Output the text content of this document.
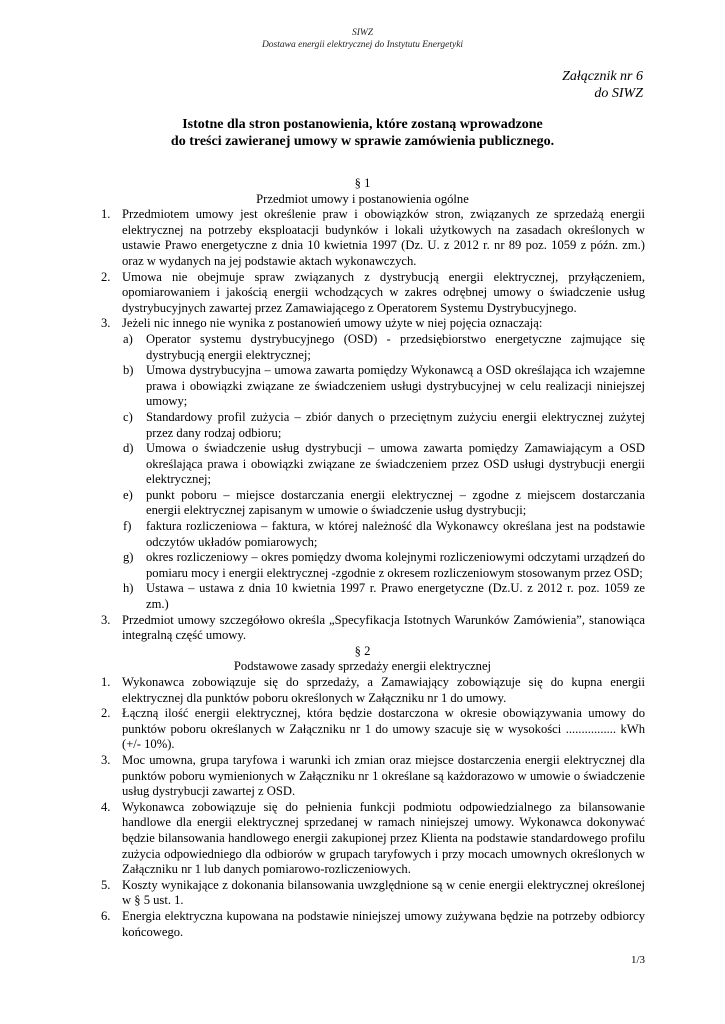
SIWZ
Dostawa energii elektrycznej do Instytutu Energetyki
Załącznik nr 6
do SIWZ
Istotne dla stron postanowienia, które zostaną wprowadzone
do treści zawieranej umowy w sprawie zamówienia publicznego.
§ 1
Przedmiot umowy i postanowienia ogólne
1. Przedmiotem umowy jest określenie praw i obowiązków stron, związanych ze sprzedażą energii elektrycznej na potrzeby eksploatacji budynków i lokali użytkowych na zasadach określonych w ustawie Prawo energetyczne z dnia 10 kwietnia 1997 (Dz. U. z 2012 r. nr 89 poz. 1059 z późn. zm.) oraz w wydanych na jej podstawie aktach wykonawczych.
2. Umowa nie obejmuje spraw związanych z dystrybucją energii elektrycznej, przyłączeniem, opomiarowaniem i jakością energii wchodzących w zakres odrębnej umowy o świadczenie usług dystrybucyjnych zawartej przez Zamawiającego z Operatorem Systemu Dystrybucyjnego.
3. Jeżeli nic innego nie wynika z postanowień umowy użyte w niej pojęcia oznaczają:
a) Operator systemu dystrybucyjnego (OSD) - przedsiębiorstwo energetyczne zajmujące się dystrybucją energii elektrycznej;
b) Umowa dystrybucyjna – umowa zawarta pomiędzy Wykonawcą a OSD określająca ich wzajemne prawa i obowiązki związane ze świadczeniem usługi dystrybucyjnej w celu realizacji niniejszej umowy;
c) Standardowy profil zużycia – zbiór danych o przeciętnym zużyciu energii elektrycznej zużytej przez dany rodzaj odbioru;
d) Umowa o świadczenie usług dystrybucji – umowa zawarta pomiędzy Zamawiającym a OSD określająca prawa i obowiązki związane ze świadczeniem przez OSD usługi dystrybucji energii elektrycznej;
e) punkt poboru – miejsce dostarczania energii elektrycznej – zgodne z miejscem dostarczania energii elektrycznej zapisanym w umowie o świadczenie usług dystrybucji;
f) faktura rozliczeniowa – faktura, w której należność dla Wykonawcy określana jest na podstawie odczytów układów pomiarowych;
g) okres rozliczeniowy – okres pomiędzy dwoma kolejnymi rozliczeniowymi odczytami urządzeń do pomiaru mocy i energii elektrycznej -zgodnie z okresem rozliczeniowym stosowanym przez OSD;
h) Ustawa – ustawa z dnia 10 kwietnia 1997 r. Prawo energetyczne (Dz.U. z 2012 r. poz. 1059 ze zm.)
3. Przedmiot umowy szczegółowo określa „Specyfikacja Istotnych Warunków Zamówienia”, stanowiąca integralną część umowy.
§ 2
Podstawowe zasady sprzedaży energii elektrycznej
1. Wykonawca zobowiązuje się do sprzedaży, a Zamawiający zobowiązuje się do kupna energii elektrycznej dla punktów poboru określonych w Załączniku nr 1 do umowy.
2. Łączną ilość energii elektrycznej, która będzie dostarczona w okresie obowiązywania umowy do punktów poboru określanych w Załączniku nr 1 do umowy szacuje się w wysokości ................ kWh (+/- 10%).
3. Moc umowna, grupa taryfowa i warunki ich zmian oraz miejsce dostarczenia energii elektrycznej dla punktów poboru wymienionych w Załączniku nr 1 określane są każdorazowo w umowie o świadczenie usług dystrybucji zawartej z OSD.
4. Wykonawca zobowiązuje się do pełnienia funkcji podmiotu odpowiedzialnego za bilansowanie handlowe dla energii elektrycznej sprzedanej w ramach niniejszej umowy. Wykonawca dokonywać będzie bilansowania handlowego energii zakupionej przez Klienta na podstawie standardowego profilu zużycia odpowiedniego dla odbiorów w grupach taryfowych i przy mocach umownych określonych w Załączniku nr 1 lub danych pomiarowo-rozliczeniowych.
5. Koszty wynikające z dokonania bilansowania uwzględnione są w cenie energii elektrycznej określonej w § 5 ust. 1.
6. Energia elektryczna kupowana na podstawie niniejszej umowy zużywana będzie na potrzeby odbiorcy końcowego.
1/3
